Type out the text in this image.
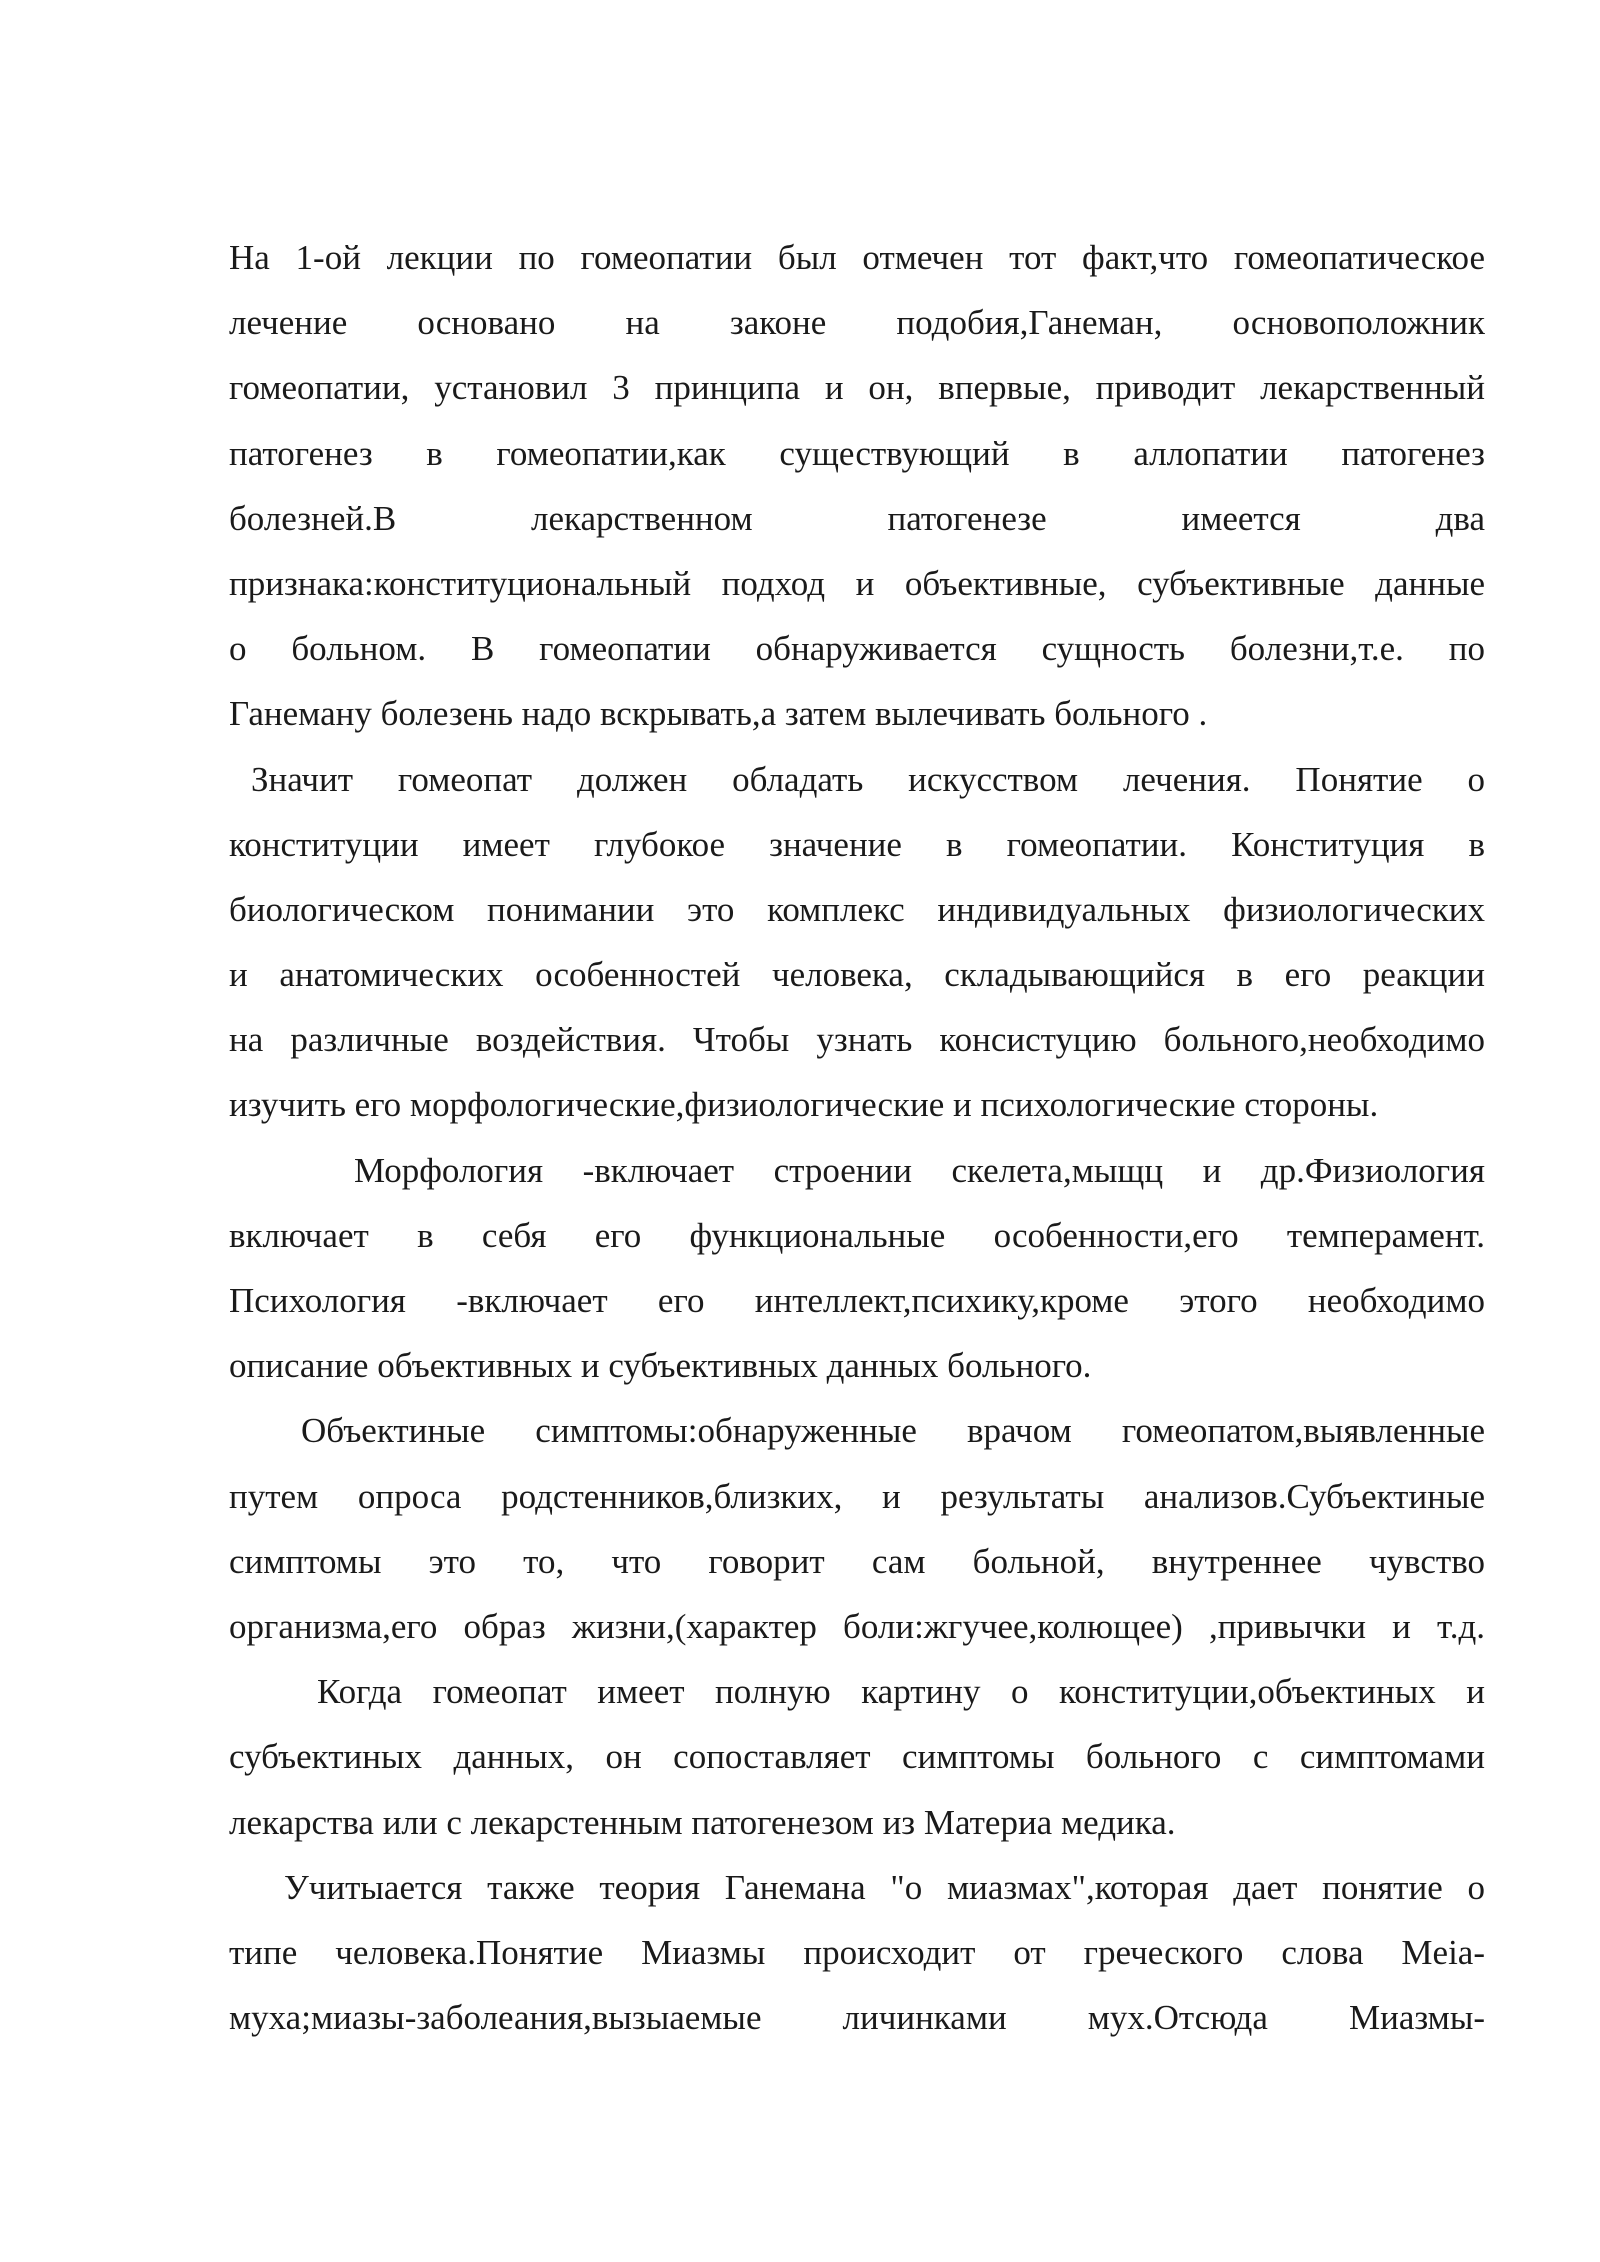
На 1-ой лекции по гомеопатии был отмечен тот факт,что гомеопатическое
лечение основано на законе подобия,Ганеман, основоположник
гомеопатии, установил 3 принципа и он, впервые, приводит лекарственный
патогенез в гомеопатии,как существующий в аллопатии патогенез
болезней.В лекарственном патогенезе имеется два
признака:конституциональный подход и объективные, субъективные данные
о больном. В гомеопатии обнаруживается сущность болезни,т.е. по
Ганеману болезень надо вскрывать,а затем вылечивать больного .
Значит гомеопат должен обладать искусством лечения. Понятие о
конституции имеет глубокое значение в гомеопатии. Конституция в
биологическом понимании это комплекс индивидуальных физиологических
и анатомических особенностей человека, складывающийся в его реакции
на различные воздействия. Чтобы узнать консистуцию больного,необходимо
изучить его морфологические,физиологические и психологические стороны.
Морфология -включает строении скелета,мыщц и др.Физиология
включает в себя его функциональные особенности,его темперамент.
Психология -включает его интеллект,психику,кроме этого необходимо
описание объективных и субъективных данных больного.
Объектиные симптомы:обнаруженные врачом гомеопатом,выявленные
путем опроса родстенников,близких, и результаты анализов.Субъектиные
симптомы это то, что говорит сам больной, внутреннее чувство
организма,его образ жизни,(характер боли:жгучее,колющее) ,привычки и т.д.
Когда гомеопат имеет полную картину о конституции,объектиных и
субъектиных данных, он сопоставляет симптомы больного с симптомами
лекарства или с лекарстенным патогенезом из Материа медика.
Учитыается также теория Ганемана "о миазмах",которая дает понятие о
типе человека.Понятие Миазмы происходит от греческого слова Meia-
муха;миазы-заболеания,вызыаемые личинками мух.Отсюда Миазмы-
